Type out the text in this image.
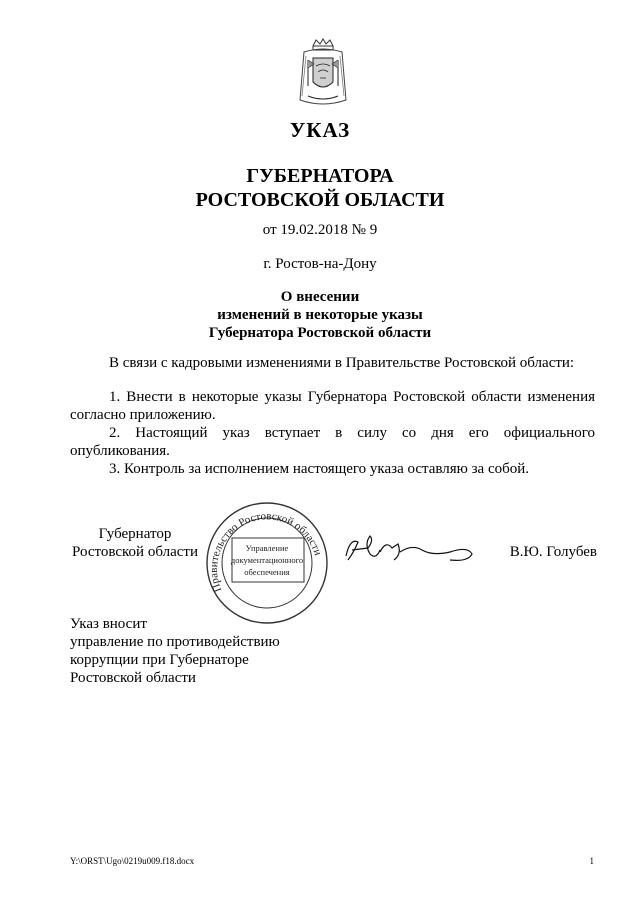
УКАЗ
ГУБЕРНАТОРА
РОСТОВСКОЙ ОБЛАСТИ
от 19.02.2018 № 9
г. Ростов-на-Дону
О внесении
изменений в некоторые указы
Губернатора Ростовской области

В связи с кадровыми изменениями в Правительстве Ростовской области:

1. Внести в некоторые указы Губернатора Ростовской области изменения согласно приложению.

2. Настоящий указ вступает в силу со дня его официального опубликования.

3. Контроль за исполнением настоящего указа оставляю за собой.

Губернатор
Ростовской области
Правительство Ростовской области
Управление
документационного
обеспечения
В.Ю. Голубев
Указ вносит
управление по противодействию
коррупции при Губернаторе
Ростовской области
Y:\ORST\Ugo\0219u009.f18.docx	1
